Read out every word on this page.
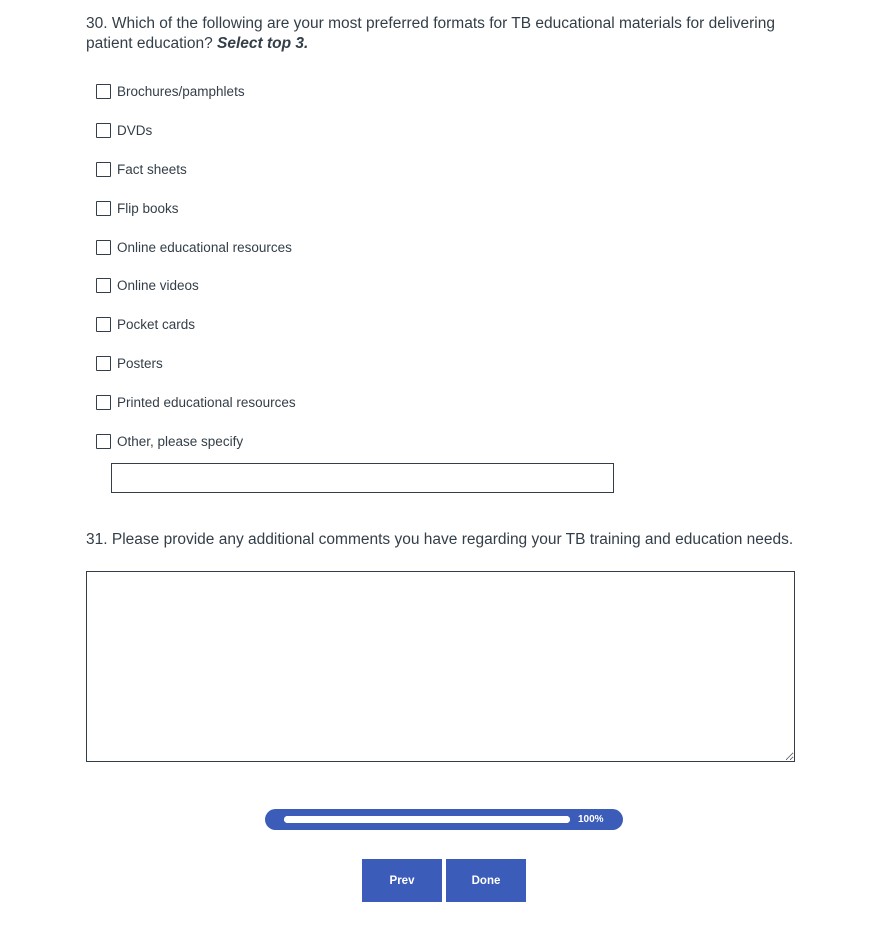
30. Which of the following are your most preferred formats for TB educational materials for delivering patient education? Select top 3.
Brochures/pamphlets
DVDs
Fact sheets
Flip books
Online educational resources
Online videos
Pocket cards
Posters
Printed educational resources
Other, please specify
31. Please provide any additional comments you have regarding your TB training and education needs.
100%
Prev	Done
